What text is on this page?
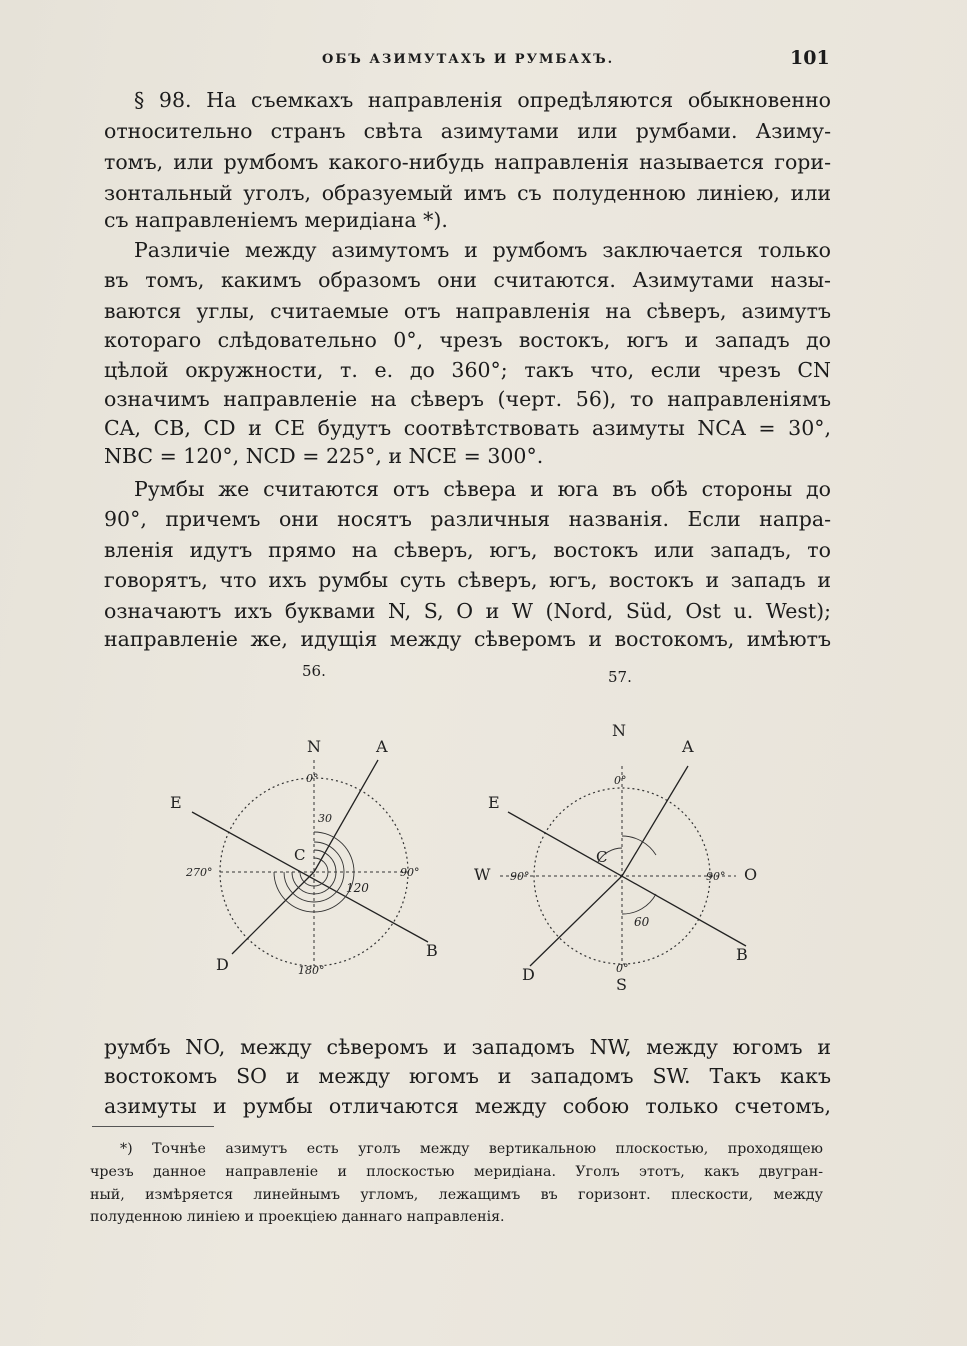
ОБЪ АЗИМУТАХЪ И РУМБАХЪ.	101
§ 98. На съемкахъ направленія опредѣляются обыкновенно
относительно странъ свѣта азимутами или румбами. Азиму-
томъ, или румбомъ какого-нибудь направленія называется гори-
зонтальный уголъ, образуемый имъ съ полуденною линіею, или
съ направленіемъ меридіана *).
Различіе между азимутомъ и румбомъ заключается только
въ томъ, какимъ образомъ они считаются. Азимутами назы-
ваются углы, считаемые отъ направленія на сѣверъ, азимутъ
котораго слѣдовательно 0°, чрезъ востокъ, югъ и западъ до
цѣлой окружности, т. е. до 360°; такъ что, если чрезъ CN
означимъ направленіе на сѣверъ (черт. 56), то направленіямъ
CA, CB, CD и CE будутъ соотвѣтствовать азимуты NCA = 30°,
NBC = 120°, NCD = 225°, и NCE = 300°.
Румбы же считаются отъ сѣвера и юга въ обѣ стороны до
90°, причемъ они носятъ различныя названія. Если напра-
вленія идутъ прямо на сѣверъ, югъ, востокъ или западъ, то
говорятъ, что ихъ румбы суть сѣверъ, югъ, востокъ и западъ и
означаютъ ихъ буквами N, S, O и W (Nord, Süd, Ost u. West);
направленіе же, идущія между сѣверомъ и востокомъ, имѣютъ
56.	57.
N	A
E
C
B
D
0°
30
270°	90°
180°
120
N
A
E
C
W	O
B
D
S
0°
90°	90°
0°
60
румбъ NO, между сѣверомъ и западомъ NW, между югомъ и
востокомъ SO и между югомъ и западомъ SW. Такъ какъ
азимуты и румбы отличаются между собою только счетомъ,
*) Точнѣе азимутъ есть уголъ между вертикальною плоскостью, проходящею
чрезъ данное направленіе и плоскостью меридіана. Уголъ этотъ, какъ двугран-
ный, измѣряется линейнымъ угломъ, лежащимъ въ горизонт. плескости, между
полуденною линіею и проекціею даннаго направленія.
